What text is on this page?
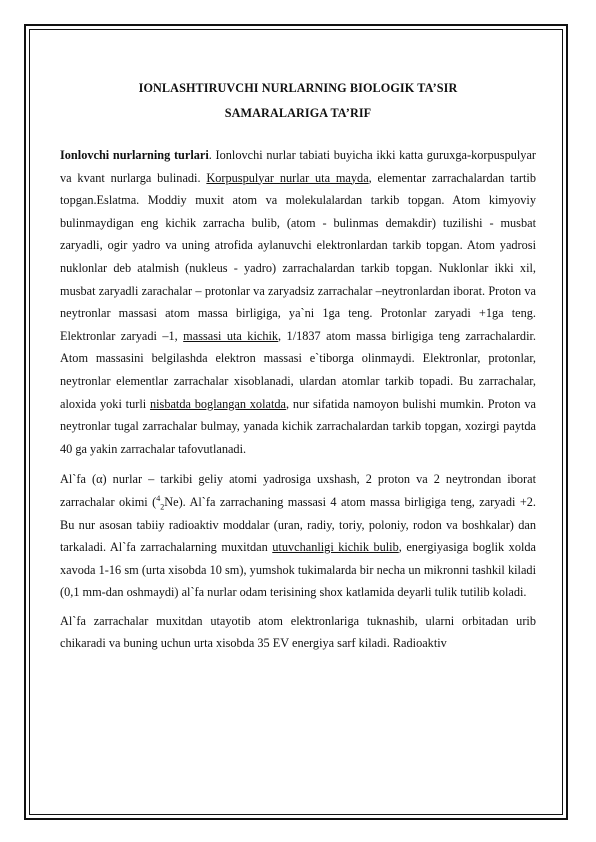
IONLASHTIRUVCHI NURLARNING BIOLOGIK TA’SIR
SAMARALARIGA TA’RIF

Ionlovchi nurlarning turlari. Ionlovchi nurlar tabiati buyicha ikki katta guruxga-korpuspulyar va kvant nurlarga bulinadi. Korpuspulyar nurlar uta mayda, elementar zarrachalardan tartib topgan.Eslatma. Moddiy muxit atom va molekulalardan tarkib topgan. Atom kimyoviy bulinmaydigan eng kichik zarracha bulib, (atom - bulinmas demakdir) tuzilishi - musbat zaryadli, ogir yadro va uning atrofida aylanuvchi elektronlardan tarkib topgan. Atom yadrosi nuklonlar deb atalmish (nukleus - yadro) zarrachalardan tarkib topgan. Nuklonlar ikki xil, musbat zaryadli zarachalar – protonlar va zaryadsiz zarrachalar –neytronlardan iborat. Proton va neytronlar massasi atom massa birligiga, ya`ni 1ga teng. Protonlar zaryadi +1ga teng. Elektronlar zaryadi –1, massasi uta kichik, 1/1837 atom massa birligiga teng zarrachalardir. Atom massasini belgilashda elektron massasi e`tiborga olinmaydi. Elektronlar, protonlar, neytronlar elementlar zarrachalar xisoblanadi, ulardan atomlar tarkib topadi. Bu zarrachalar, aloxida yoki turli nisbatda boglangan xolatda, nur sifatida namoyon bulishi mumkin. Proton va neytronlar tugal zarrachalar bulmay, yanada kichik zarrachalardan tarkib topgan, xozirgi paytda 40 ga yakin zarrachalar tafovutlanadi.

Al`fa (α) nurlar – tarkibi geliy atomi yadrosiga uxshash, 2 proton va 2 neytrondan iborat zarrachalar okimi ($^4_2$Ne). Al`fa zarrachaning massasi 4 atom massa birligiga teng, zaryadi +2. Bu nur asosan tabiiy radioaktiv moddalar (uran, radiy, toriy, poloniy, rodon va boshkalar) dan tarkaladi. Al`fa zarrachalarning muxitdan utuvchanligi kichik bulib, energiyasiga boglik xolda xavoda 1-16 sm (urta xisobda 10 sm), yumshok tukimalarda bir necha un mikronni tashkil kiladi (0,1 mm-dan oshmaydi) al`fa nurlar odam terisining shox katlamida deyarli tulik tutilib koladi.

Al`fa zarrachalar muxitdan utayotib atom elektronlariga tuknashib, ularni orbitadan urib chikaradi va buning uchun urta xisobda 35 EV energiya sarf kiladi. Radioaktiv
